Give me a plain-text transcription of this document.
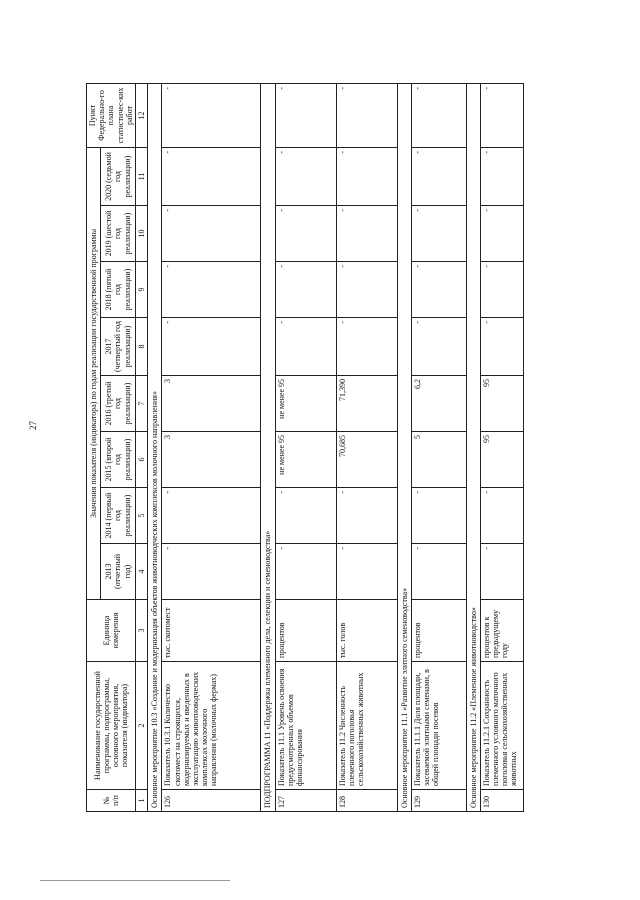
27
№ п/п	Наименование государственной программы, подпрограммы, основного мероприятия, показателя (индикатора)	Единица измерения	Значения показателя (индикатора) по годам реализации государственной программы								Пункт Федерально-го плана статистичес-ких работ
			2013 (отчетный год)	2014 (первый год реализации)	2015 (второй год реализации)	2016 (третий год реализации)	2017 (четвертый год реализации)	2018 (пятый год реализации)	2019 (шестой год реализации)	2020 (седьмой год реализации)	
1	2	3	4	5	6	7	8	9	10	11	12
Основное мероприятие 10.3 «Создание и модернизация объектов животноводческих комплексов молочного направления»											
126	Показатель 10.3.1 Количество скотомест на строящихся, модернизируемых и введенных в эксплуатацию животноводческих комплексах молочного направления (молочных фермах)	тыс. скотомест	-	-	3	3	-	-	-	-	-
ПОДПРОГРАММА 11 «Поддержка племенного дела, селекции и семеноводства»											
127	Показатель 11.1 Уровень освоения предусмотренных объемов финансирования	процентов	-	-	не менее 95	не менее 95	-	-	-	-	-
128	Показатель 11.2 Численность племенного поголовья сельскохозяйственных животных	тыс. голов	-	-	70,685	71,390	-	-	-	-	-
Основное мероприятие 11.1 «Развитие элитного семеноводства»											
129	Показатель 11.1.1 Доля площади, засеваемой элитными семенами, в общей площади посевов	процентов	-	-	5	6,2	-	-	-	-	-
Основное мероприятие 11.2 «Племенное животноводство»											
130	Показатель 11.2.1 Сохранность племенного условного маточного поголовья сельскохозяйственных животных	процентов к предыдущему году	-	-	95	95	-	-	-	-	-
